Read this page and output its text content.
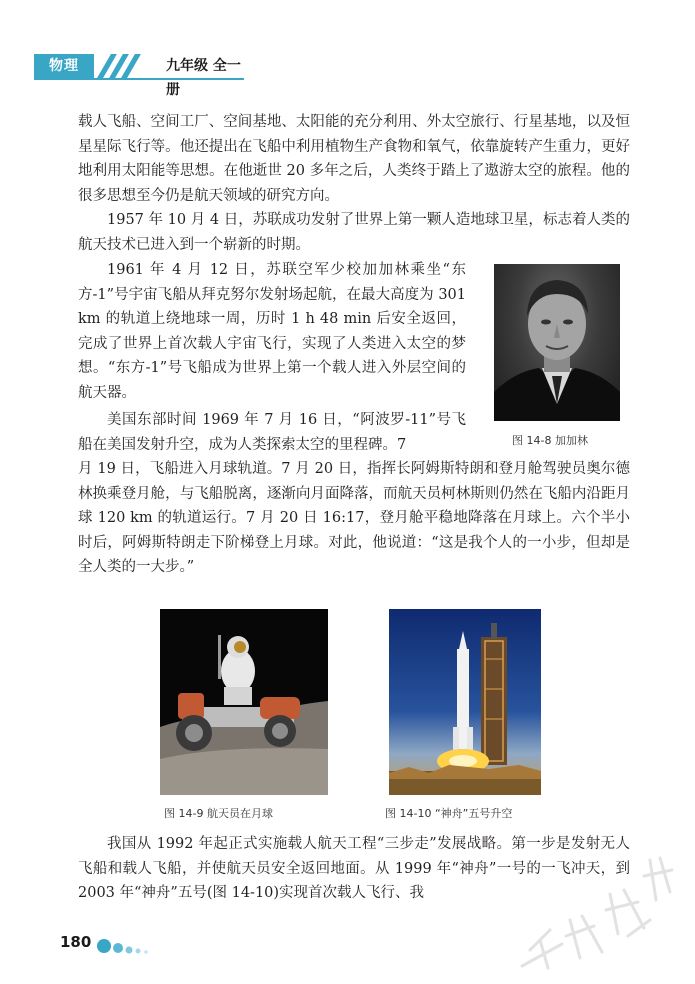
物理	九年级 全一册

载人飞船、空间工厂、空间基地、太阳能的充分利用、外太空旅行、行星基地，以及恒星星际飞行等。他还提出在飞船中利用植物生产食物和氧气，依靠旋转产生重力，更好地利用太阳能等思想。在他逝世 20 多年之后，人类终于踏上了遨游太空的旅程。他的很多思想至今仍是航天领域的研究方向。

1957 年 10 月 4 日，苏联成功发射了世界上第一颗人造地球卫星，标志着人类的航天技术已进入到一个崭新的时期。

1961 年 4 月 12 日，苏联空军少校加加林乘坐“东方-1”号宇宙飞船从拜克努尔发射场起航，在最大高度为 301 km 的轨道上绕地球一周，历时 1 h 48 min 后安全返回，完成了世界上首次载人宇宙飞行，实现了人类进入太空的梦想。“东方-1”号飞船成为世界上第一个载人进入外层空间的航天器。

美国东部时间 1969 年 7 月 16 日，“阿波罗-11”号飞船在美国发射升空，成为人类探索太空的里程碑。7

月 19 日，飞船进入月球轨道。7 月 20 日，指挥长阿姆斯特朗和登月舱驾驶员奥尔德林换乘登月舱，与飞船脱离，逐渐向月面降落，而航天员柯林斯则仍然在飞船内沿距月球 120 km 的轨道运行。7 月 20 日 16:17，登月舱平稳地降落在月球上。六个半小时后，阿姆斯特朗走下阶梯登上月球。对此，他说道：“这是我个人的一小步，但却是全人类的一大步。”

图 14-8 加加林
图 14-9 航天员在月球	图 14-10 “神舟”五号升空

我国从 1992 年起正式实施载人航天工程“三步走”发展战略。第一步是发射无人飞船和载人飞船，并使航天员安全返回地面。从 1999 年“神舟”一号的一飞冲天，到 2003 年“神舟”五号(图 14-10)实现首次载人飞行、我

180
